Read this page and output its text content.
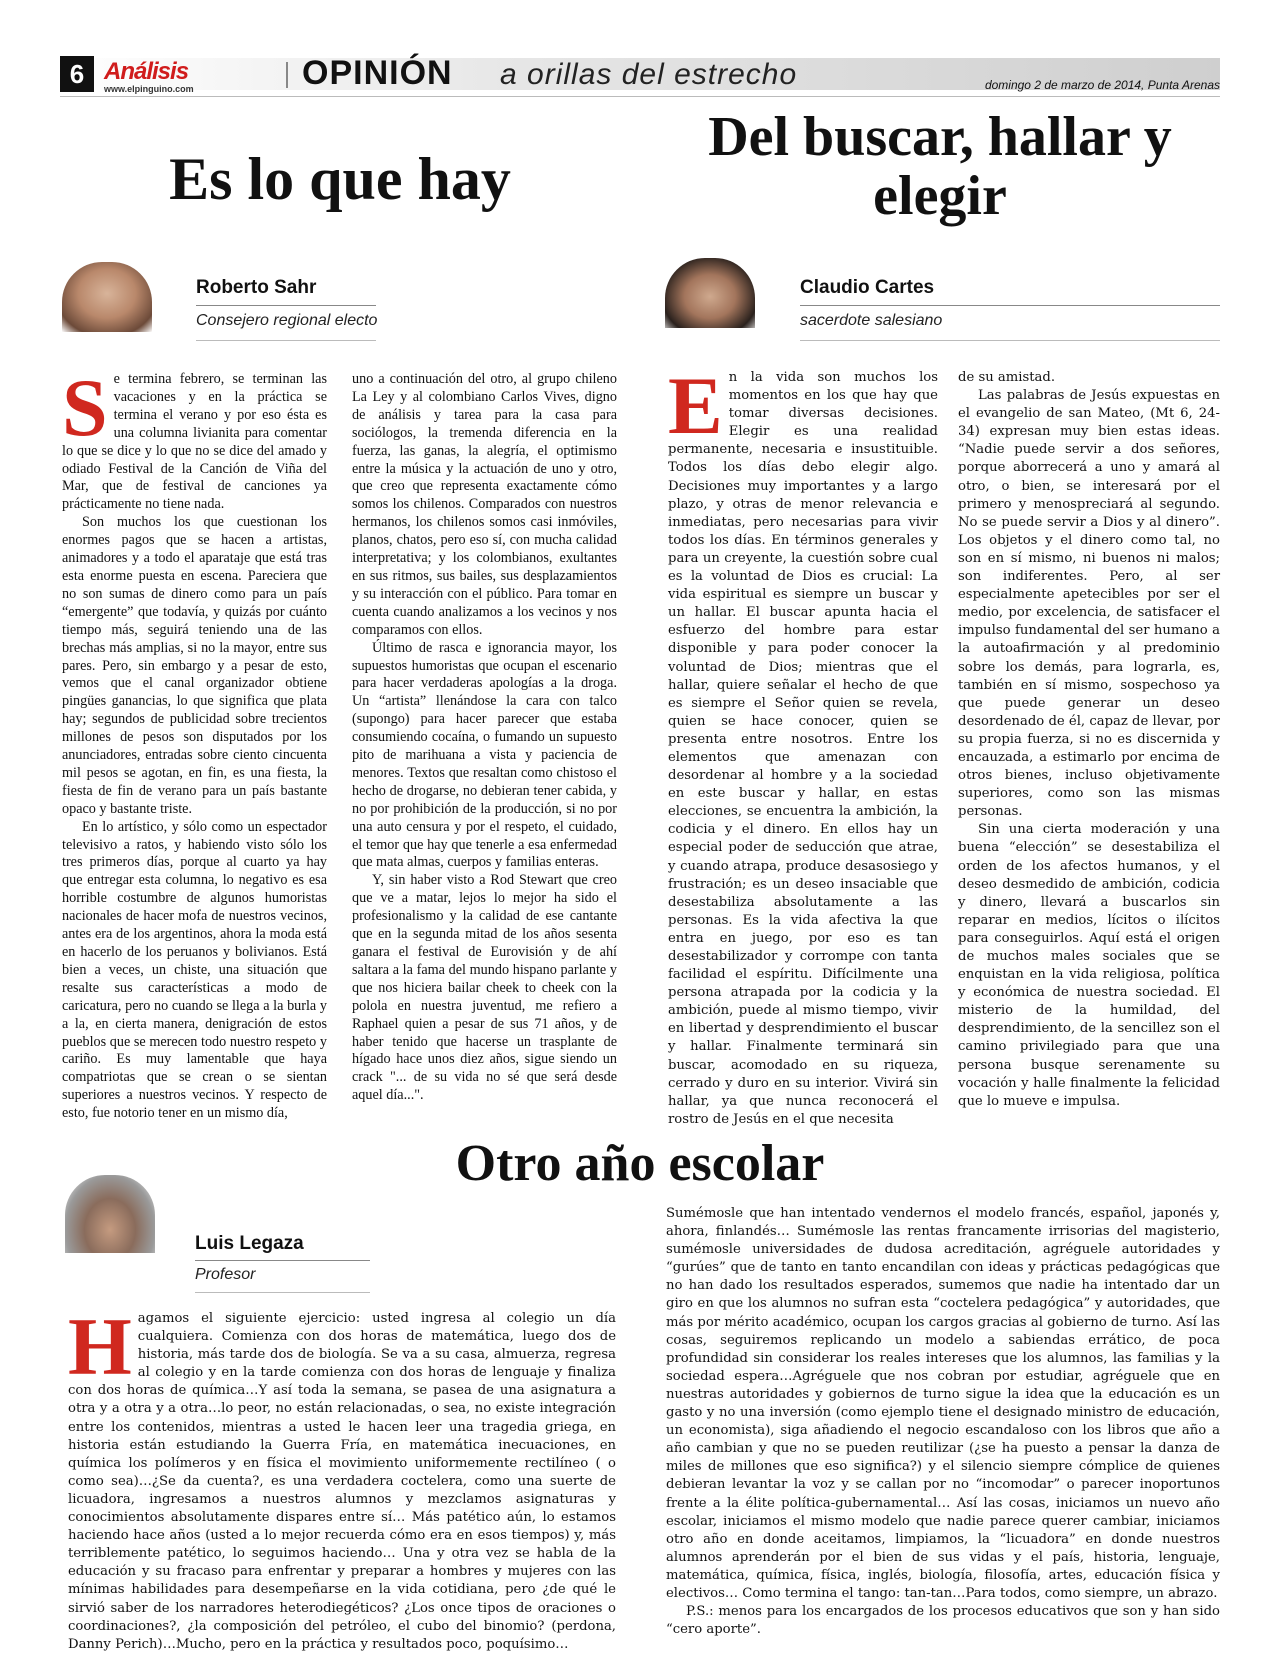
6 Análisis
www.elpinguino.com	OPINIÓN a orillas del estrecho	domingo 2 de marzo de 2014, Punta Arenas
Es lo que hay
Roberto Sahr
Consejero regional electo
S e termina febrero, se terminan las vacaciones y en la práctica se termina el verano y por eso ésta es una columna livianita para comentar lo que se dice y lo que no se dice del amado y odiado Festival de la Canción de Viña del Mar, que de festival de canciones ya prácticamente no tiene nada.

Son muchos los que cuestionan los enormes pagos que se hacen a artistas, animadores y a todo el aparataje que está tras esta enorme puesta en escena. Pareciera que no son sumas de dinero como para un país “emergente” que todavía, y quizás por cuánto tiempo más, seguirá teniendo una de las brechas más amplias, si no la mayor, entre sus pares. Pero, sin embargo y a pesar de esto, vemos que el canal organizador obtiene pingües ganancias, lo que significa que plata hay; segundos de publicidad sobre trecientos millones de pesos son disputados por los anunciadores, entradas sobre ciento cincuenta mil pesos se agotan, en fin, es una fiesta, la fiesta de fin de verano para un país bastante opaco y bastante triste.

En lo artístico, y sólo como un espectador televisivo a ratos, y habiendo visto sólo los tres primeros días, porque al cuarto ya hay que entregar esta columna, lo negativo es esa horrible costumbre de algunos humoristas nacionales de hacer mofa de nuestros vecinos, antes era de los argentinos, ahora la moda está en hacerlo de los peruanos y bolivianos. Está bien a veces, un chiste, una situación que resalte sus características a modo de caricatura, pero no cuando se llega a la burla y a la, en cierta manera, denigración de estos pueblos que se merecen todo nuestro respeto y cariño. Es muy lamentable que haya compatriotas que se crean o se sientan superiores a nuestros vecinos. Y respecto de esto, fue notorio tener en un mismo día,

uno a continuación del otro, al grupo chileno La Ley y al colombiano Carlos Vives, digno de análisis y tarea para la casa para sociólogos, la tremenda diferencia en la fuerza, las ganas, la alegría, el optimismo entre la música y la actuación de uno y otro, que creo que representa exactamente cómo somos los chilenos. Comparados con nuestros hermanos, los chilenos somos casi inmóviles, planos, chatos, pero eso sí, con mucha calidad interpretativa; y los colombianos, exultantes en sus ritmos, sus bailes, sus desplazamientos y su interacción con el público. Para tomar en cuenta cuando analizamos a los vecinos y nos comparamos con ellos.

Último de rasca e ignorancia mayor, los supuestos humoristas que ocupan el escenario para hacer verdaderas apologías a la droga. Un “artista” llenándose la cara con talco (supongo) para hacer parecer que estaba consumiendo cocaína, o fumando un supuesto pito de marihuana a vista y paciencia de menores. Textos que resaltan como chistoso el hecho de drogarse, no debieran tener cabida, y no por prohibición de la producción, si no por una auto censura y por el respeto, el cuidado, el temor que hay que tenerle a esa enfermedad que mata almas, cuerpos y familias enteras.

Y, sin haber visto a Rod Stewart que creo que ve a matar, lejos lo mejor ha sido el profesionalismo y la calidad de ese cantante que en la segunda mitad de los años sesenta ganara el festival de Eurovisión y de ahí saltara a la fama del mundo hispano parlante y que nos hiciera bailar cheek to cheek con la polola en nuestra juventud, me refiero a Raphael quien a pesar de sus 71 años, y de haber tenido que hacerse un trasplante de hígado hace unos diez años, sigue siendo un crack "... de su vida no sé que será desde aquel día...".

Del buscar, hallar y elegir
Claudio Cartes
sacerdote salesiano
E n la vida son muchos los momentos en los que hay que tomar diversas decisiones. Elegir es una realidad permanente, necesaria e insustituible. Todos los días debo elegir algo. Decisiones muy importantes y a largo plazo, y otras de menor relevancia e inmediatas, pero necesarias para vivir todos los días. En términos generales y para un creyente, la cuestión sobre cual es la voluntad de Dios es crucial: La vida espiritual es siempre un buscar y un hallar. El buscar apunta hacia el esfuerzo del hombre para estar disponible y para poder conocer la voluntad de Dios; mientras que el hallar, quiere señalar el hecho de que es siempre el Señor quien se revela, quien se hace conocer, quien se presenta entre nosotros. Entre los elementos que amenazan con desordenar al hombre y a la sociedad en este buscar y hallar, en estas elecciones, se encuentra la ambición, la codicia y el dinero. En ellos hay un especial poder de seducción que atrae, y cuando atrapa, produce desasosiego y frustración; es un deseo insaciable que desestabiliza absolutamente a las personas. Es la vida afectiva la que entra en juego, por eso es tan desestabilizador y corrompe con tanta facilidad el espíritu. Difícilmente una persona atrapada por la codicia y la ambición, puede al mismo tiempo, vivir en libertad y desprendimiento el buscar y hallar. Finalmente terminará sin buscar, acomodado en su riqueza, cerrado y duro en su interior. Vivirá sin hallar, ya que nunca reconocerá el rostro de Jesús en el que necesita

de su amistad.

Las palabras de Jesús expuestas en el evangelio de san Mateo, (Mt 6, 24-34) expresan muy bien estas ideas. “Nadie puede servir a dos señores, porque aborrecerá a uno y amará al otro, o bien, se interesará por el primero y menospreciará al segundo. No se puede servir a Dios y al dinero”. Los objetos y el dinero como tal, no son en sí mismo, ni buenos ni malos; son indiferentes. Pero, al ser especialmente apetecibles por ser el medio, por excelencia, de satisfacer el impulso fundamental del ser humano a la autoafirmación y al predominio sobre los demás, para lograrla, es, también en sí mismo, sospechoso ya que puede generar un deseo desordenado de él, capaz de llevar, por su propia fuerza, si no es discernida y encauzada, a estimarlo por encima de otros bienes, incluso objetivamente superiores, como son las mismas personas.

Sin una cierta moderación y una buena “elección” se desestabiliza el orden de los afectos humanos, y el deseo desmedido de ambición, codicia y dinero, llevará a buscarlos sin reparar en medios, lícitos o ilícitos para conseguirlos. Aquí está el origen de muchos males sociales que se enquistan en la vida religiosa, política y económica de nuestra sociedad. El misterio de la humildad, del desprendimiento, de la sencillez son el camino privilegiado para que una persona busque serenamente su vocación y halle finalmente la felicidad que lo mueve e impulsa.

Otro año escolar
Luis Legaza
Profesor
H agamos el siguiente ejercicio: usted ingresa al colegio un día cualquiera. Comienza con dos horas de matemática, luego dos de historia, más tarde dos de biología. Se va a su casa, almuerza, regresa al colegio y en la tarde comienza con dos horas de lenguaje y finaliza con dos horas de química…Y así toda la semana, se pasea de una asignatura a otra y a otra y a otra…lo peor, no están relacionadas, o sea, no existe integración entre los contenidos, mientras a usted le hacen leer una tragedia griega, en historia están estudiando la Guerra Fría, en matemática inecuaciones, en química los polímeros y en física el movimiento uniformemente rectilíneo ( o como sea)…¿Se da cuenta?, es una verdadera coctelera, como una suerte de licuadora, ingresamos a nuestros alumnos y mezclamos asignaturas y conocimientos absolutamente dispares entre sí… Más patético aún, lo estamos haciendo hace años (usted a lo mejor recuerda cómo era en esos tiempos) y, más terriblemente patético, lo seguimos haciendo… Una y otra vez se habla de la educación y su fracaso para enfrentar y preparar a hombres y mujeres con las mínimas habilidades para desempeñarse en la vida cotidiana, pero ¿de qué le sirvió saber de los narradores heterodiegéticos? ¿Los once tipos de oraciones o coordinaciones?, ¿la composición del petróleo, el cubo del binomio? (perdona, Danny Perich)…Mucho, pero en la práctica y resultados poco, poquísimo…

Sumémosle que han intentado vendernos el modelo francés, español, japonés y, ahora, finlandés… Sumémosle las rentas francamente irrisorias del magisterio, sumémosle universidades de dudosa acreditación, agréguele autoridades y “gurúes” que de tanto en tanto encandilan con ideas y prácticas pedagógicas que no han dado los resultados esperados, sumemos que nadie ha intentado dar un giro en que los alumnos no sufran esta “coctelera pedagógica” y autoridades, que más por mérito académico, ocupan los cargos gracias al gobierno de turno. Así las cosas, seguiremos replicando un modelo a sabiendas errático, de poca profundidad sin considerar los reales intereses que los alumnos, las familias y la sociedad espera…Agréguele que nos cobran por estudiar, agréguele que en nuestras autoridades y gobiernos de turno sigue la idea que la educación es un gasto y no una inversión (como ejemplo tiene el designado ministro de educación, un economista), siga añadiendo el negocio escandaloso con los libros que año a año cambian y que no se pueden reutilizar (¿se ha puesto a pensar la danza de miles de millones que eso significa?) y el silencio siempre cómplice de quienes debieran levantar la voz y se callan por no “incomodar” o parecer inoportunos frente a la élite política-gubernamental… Así las cosas, iniciamos un nuevo año escolar, iniciamos el mismo modelo que nadie parece querer cambiar, iniciamos otro año en donde aceitamos, limpiamos, la “licuadora” en donde nuestros alumnos aprenderán por el bien de sus vidas y el país, historia, lenguaje, matemática, química, física, inglés, biología, filosofía, artes, educación física y electivos… Como termina el tango: tan-tan…Para todos, como siempre, un abrazo.

P.S.: menos para los encargados de los procesos educativos que son y han sido “cero aporte”.
